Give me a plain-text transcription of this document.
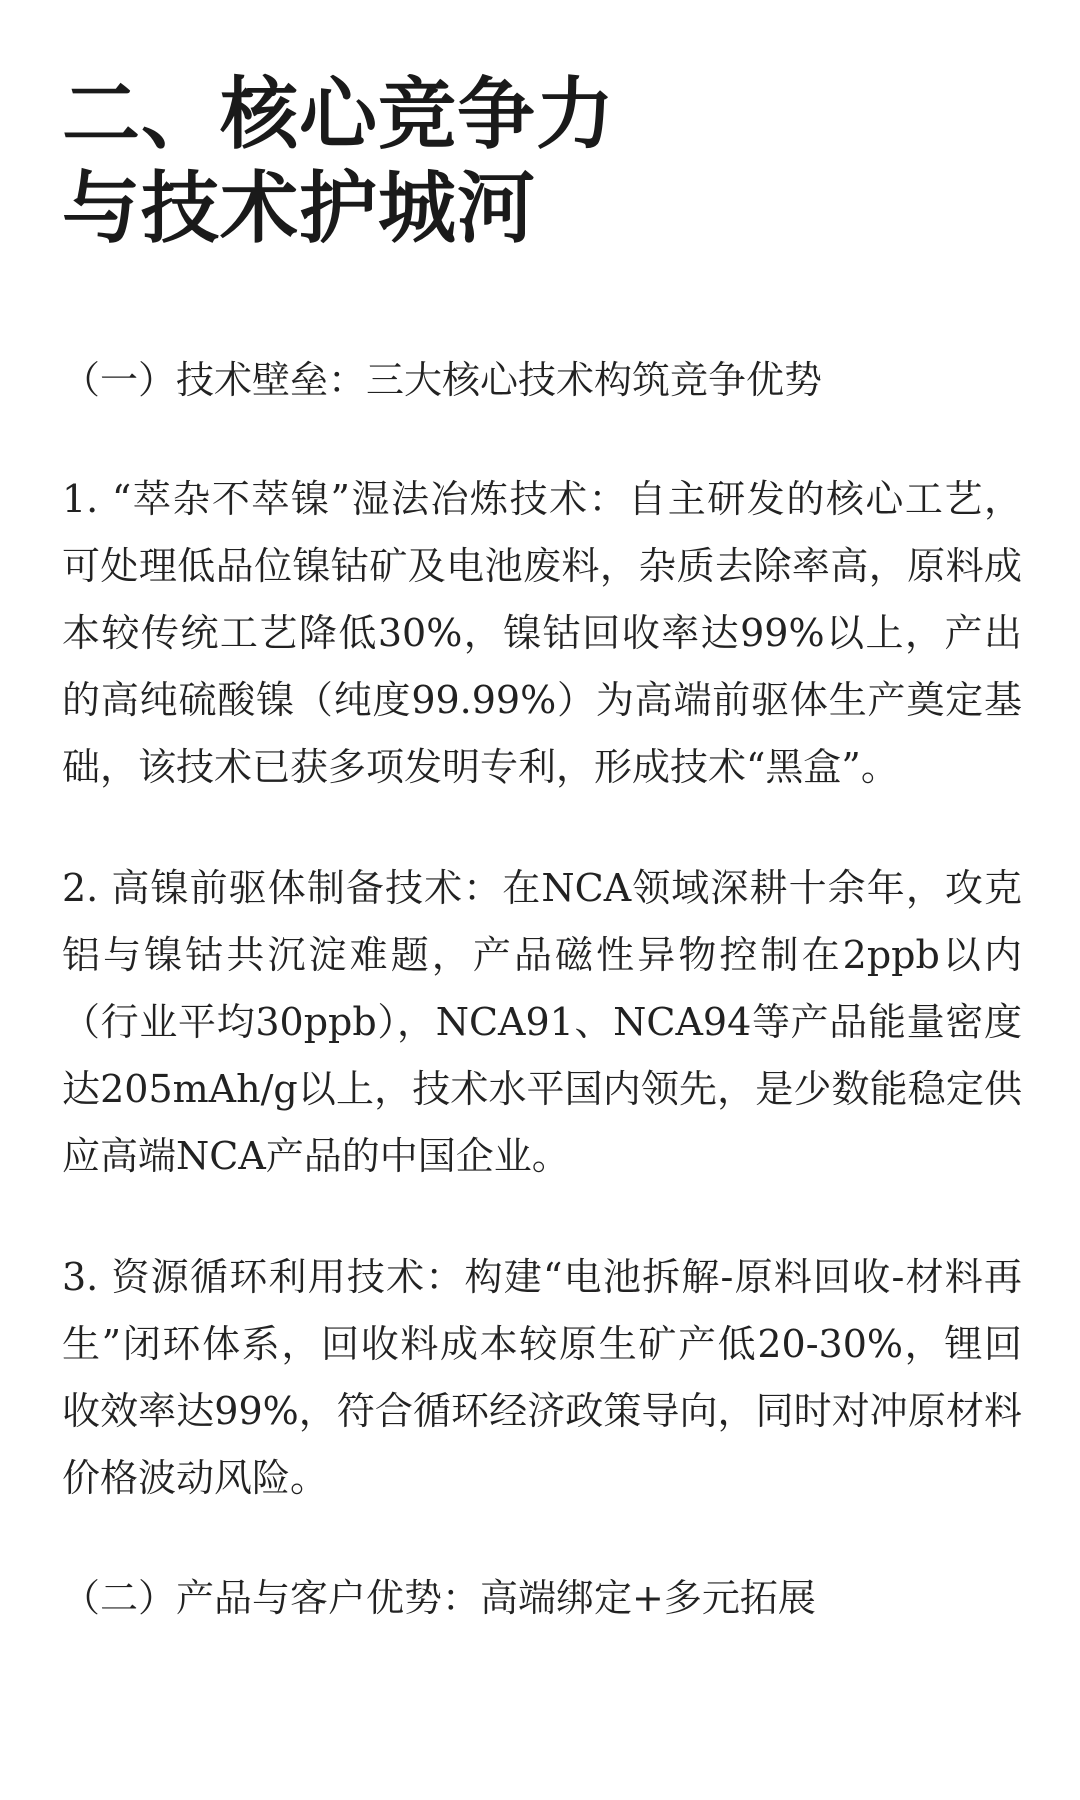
二、核心竞争力
与技术护城河
（一）技术壁垒：三大核心技术构筑竞争优势

1. “萃杂不萃镍”湿法冶炼技术：自主研发的核心工艺，可处理低品位镍钴矿及电池废料，杂质去除率高，原料成本较传统工艺降低30%，镍钴回收率达99%以上，产出的高纯硫酸镍（纯度99.99%）为高端前驱体生产奠定基础，该技术已获多项发明专利，形成技术“黑盒”。

2. 高镍前驱体制备技术：在NCA领域深耕十余年，攻克铝与镍钴共沉淀难题，产品磁性异物控制在2ppb以内（行业平均30ppb），NCA91、NCA94等产品能量密度达205mAh/g以上，技术水平国内领先，是少数能稳定供应高端NCA产品的中国企业。

3. 资源循环利用技术：构建“电池拆解-原料回收-材料再生”闭环体系，回收料成本较原生矿产低20-30%，锂回收效率达99%，符合循环经济政策导向，同时对冲原材料价格波动风险。

（二）产品与客户优势：高端绑定+多元拓展
